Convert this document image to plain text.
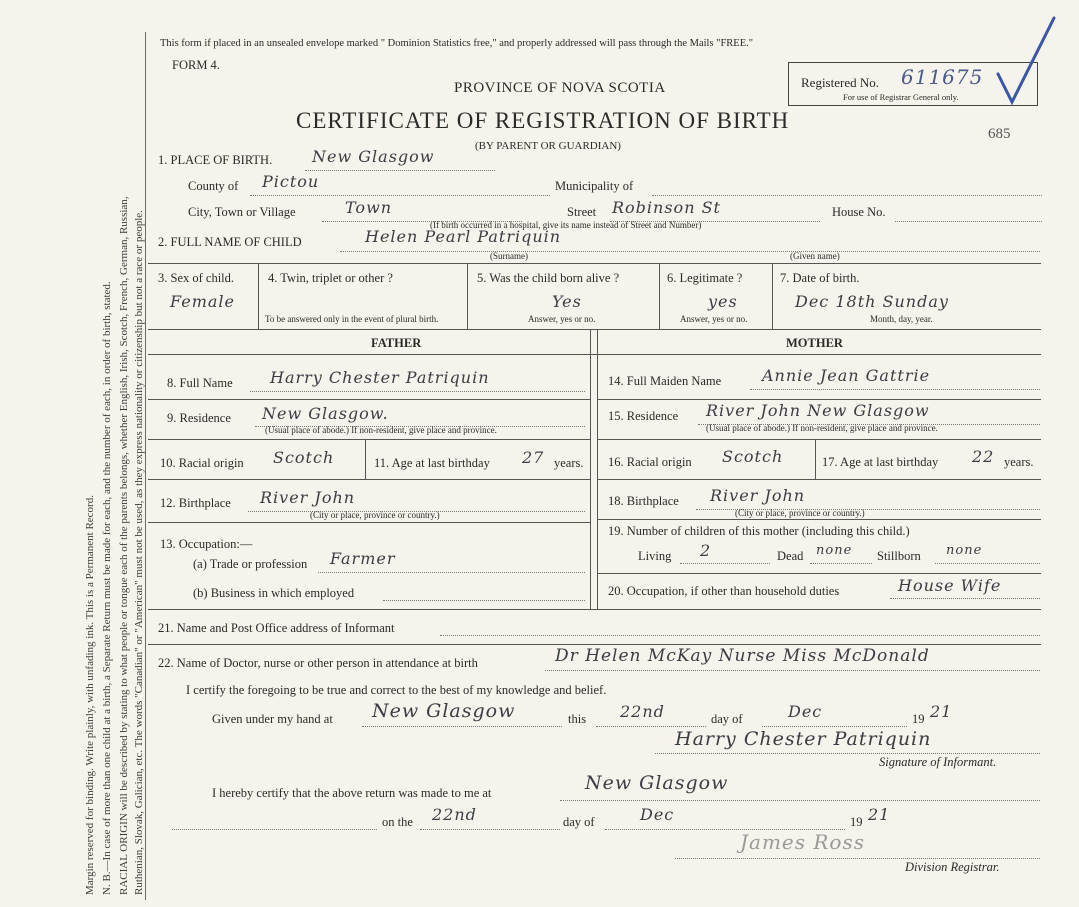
Margin reserved for binding. Write plainly, with unfading ink. This is a Permanent Record. N. B.—In case of more than one child at a birth, a Separate Return must be made for each, and the number of each, in order of birth, stated. RACIAL ORIGIN will be described by stating to what people or tongue each of the parents belongs, whether English, Irish, Scotch, French, German, Russian, Ruthenian, Slovak, Galician, etc. The words "Canadian" or "American" must not be used, as they express nationality or citizenship but not a race or people.
This form if placed in an unsealed envelope marked " Dominion Statistics free," and properly addressed will pass through the Mails "FREE."
FORM 4.
PROVINCE OF NOVA SCOTIA
CERTIFICATE OF REGISTRATION OF BIRTH
(BY PARENT OR GUARDIAN)
685
Registered No. 611675
For use of Registrar General only.
1. PLACE OF BIRTH. New Glasgow
County of Pictou	Municipality of
City, Town or Village	Town	Street Robinson St	House No.
(If birth occurred in a hospital, give its name instead of Street and Number)
2. FULL NAME OF CHILD	Helen Pearl Patriquin
(Surname)	(Given name)
3. Sex of child.
Female
4. Twin, triplet or other ?
To be answered only in the event of plural birth.
5. Was the child born alive ?
Yes
Answer, yes or no.
6. Legitimate ?
yes
Answer, yes or no.
7. Date of birth.
Dec 18th Sunday
Month, day, year.
FATHER	MOTHER
8. Full Name Harry Chester Patriquin
9. Residence New Glasgow.
(Usual place of abode.) If non-resident, give place and province.
10. Racial origin Scotch	11. Age at last birthday 27 years.
12. Birthplace River John
(City or place, province or country.)
13. Occupation:—
(a) Trade or profession Farmer
(b) Business in which employed
14. Full Maiden Name	Annie Jean Gattrie
15. Residence River John New Glasgow
(Usual place of abode.) If non-resident, give place and province.
16. Racial origin Scotch	17. Age at last birthday 22 years.
18. Birthplace River John
(City or place, province or country.)
19. Number of children of this mother (including this child.)
Living 2	Dead none Stillborn none
20. Occupation, if other than household duties	House Wife
21. Name and Post Office address of Informant
22. Name of Doctor, nurse or other person in attendance at birth	Dr Helen McKay Nurse Miss McDonald
I certify the foregoing to be true and correct to the best of my knowledge and belief.
Given under my hand at New Glasgow	this 22nd	day of	Dec	19 21
Harry Chester Patriquin
Signature of Informant.
I hereby certify that the above return was made to me at	New Glasgow
on the 22nd	day of	Dec	19 21
James Ross
Division Registrar.
